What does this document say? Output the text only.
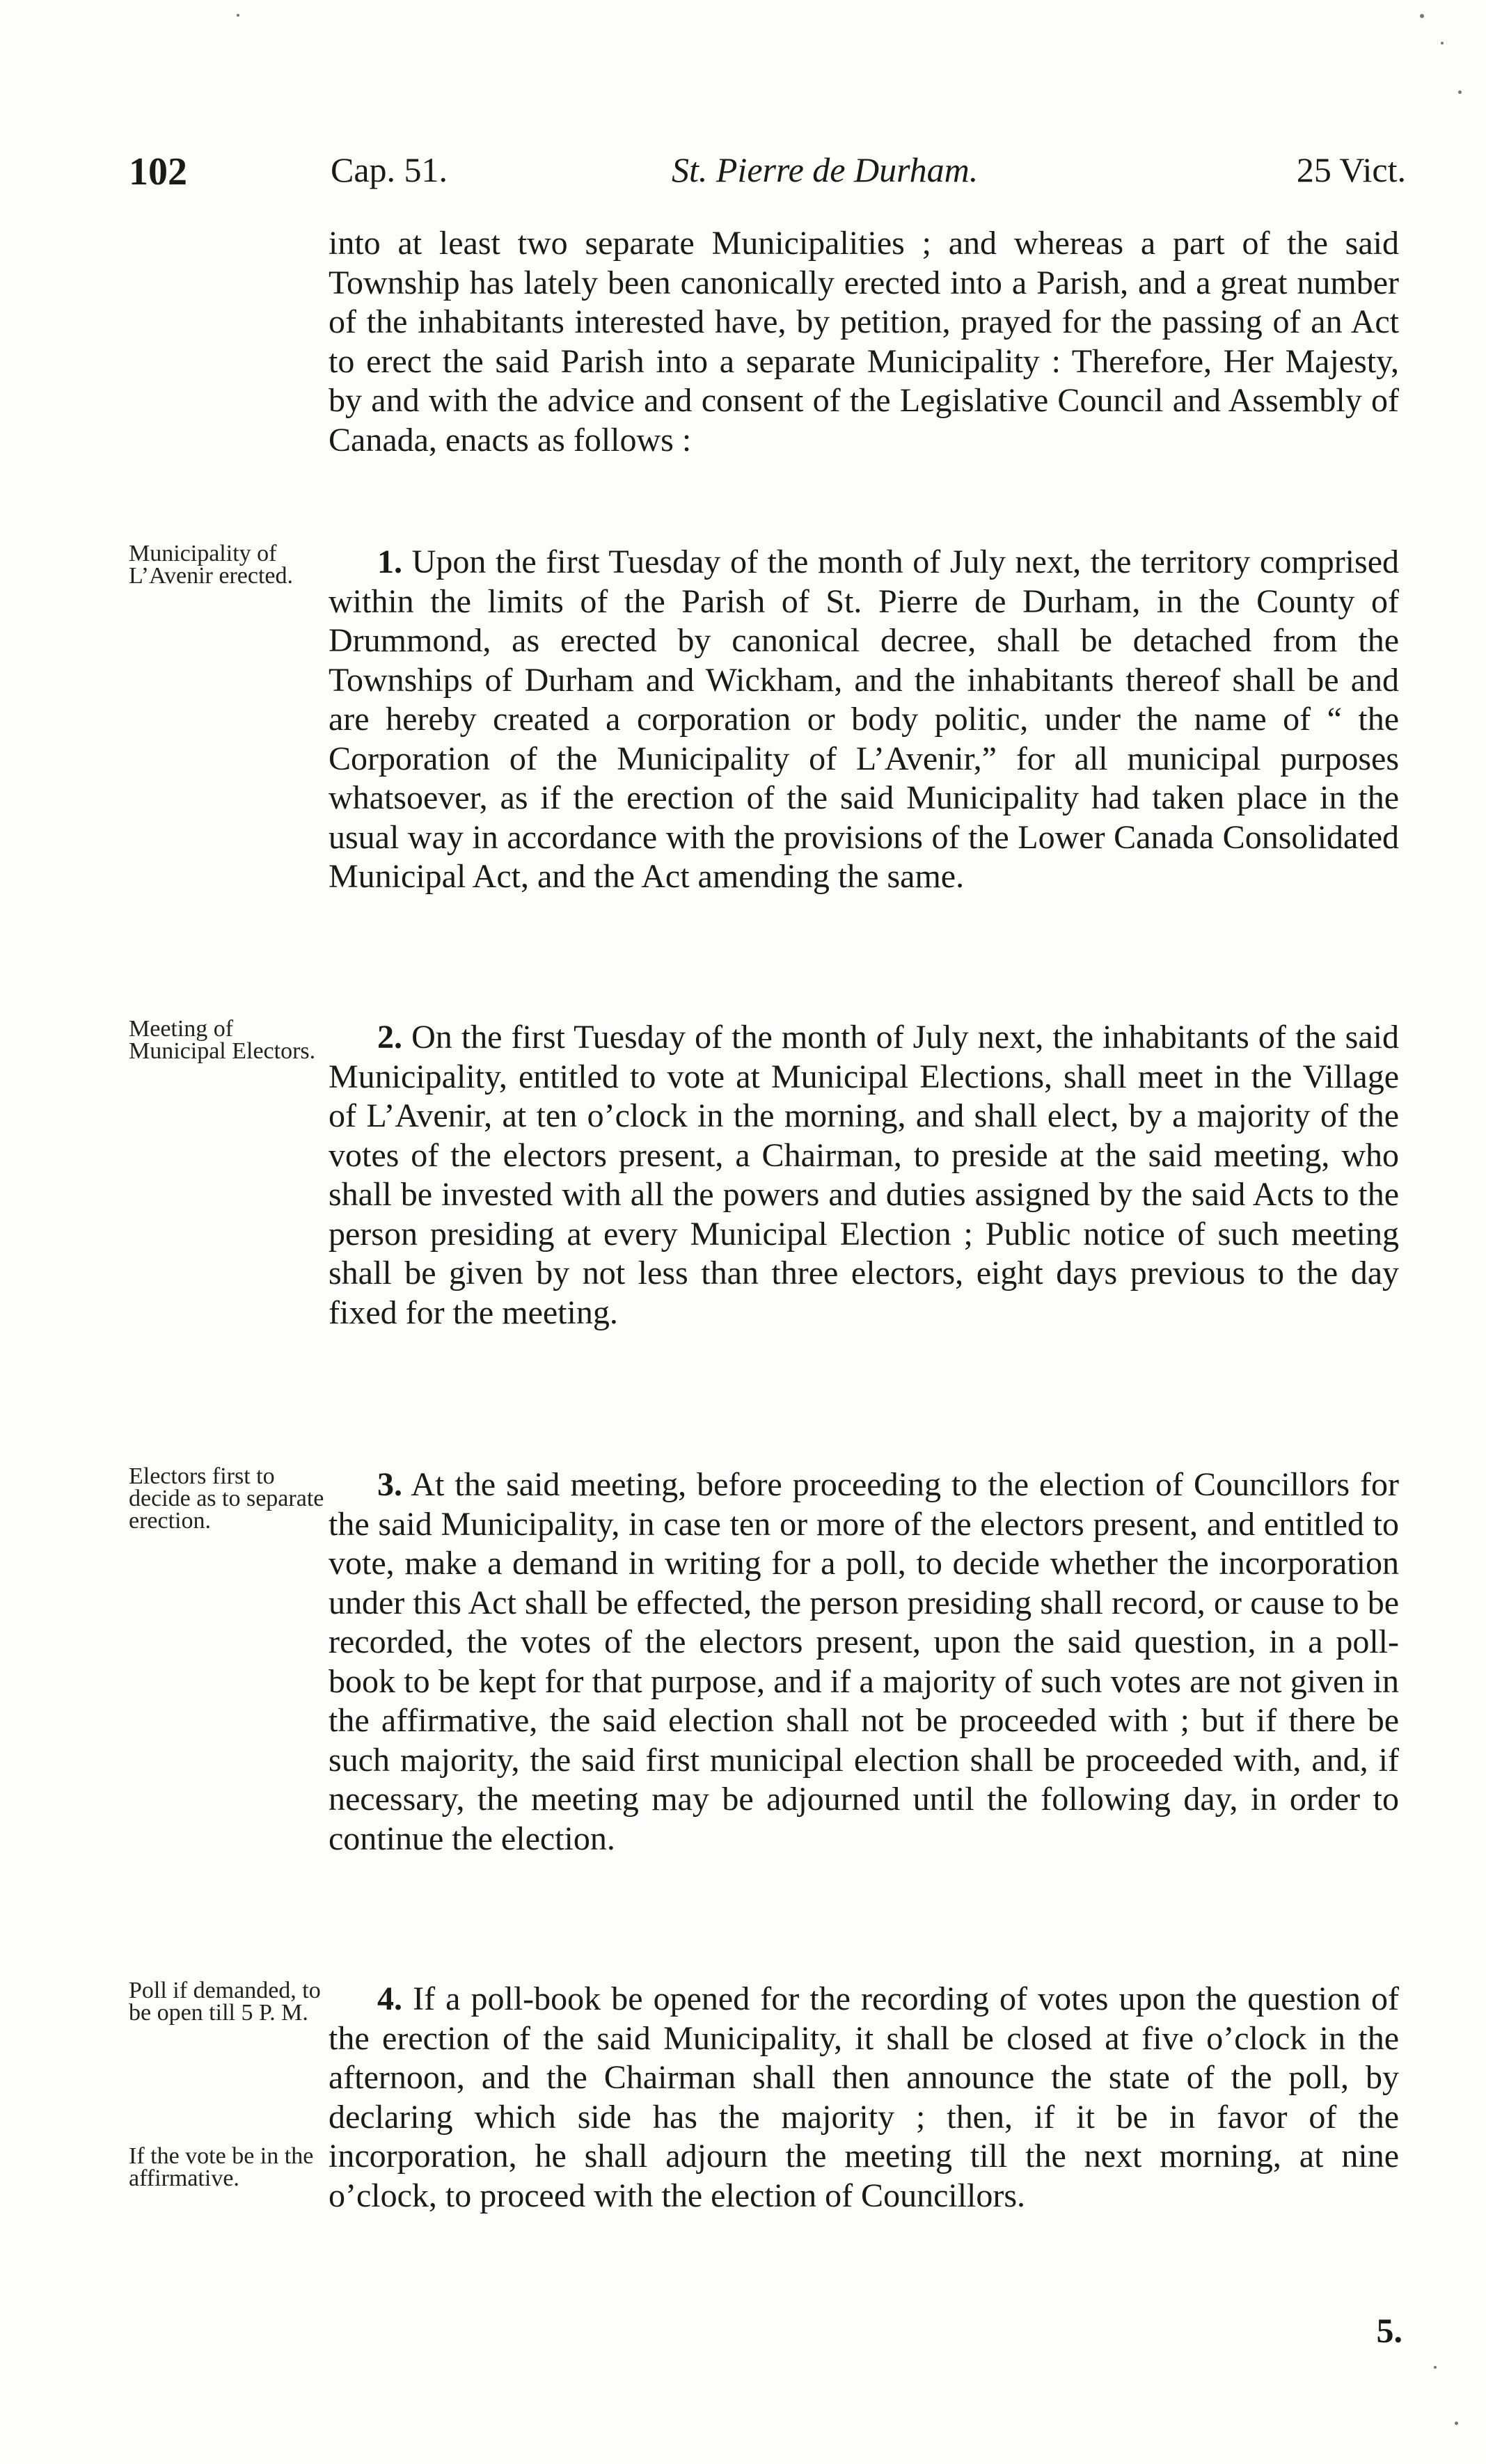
102	Cap. 51.	St. Pierre de Durham.	25 Vict.

into at least two separate Municipalities ; and whereas a part of the said Township has lately been canonically erected into a Parish, and a great number of the inhabitants interested have, by petition, prayed for the passing of an Act to erect the said Parish into a separate Municipality : Therefore, Her Majesty, by and with the advice and consent of the Legislative Council and Assembly of Canada, enacts as follows :

Municipality of L’Avenir erected.	1. Upon the first Tuesday of the month of July next, the territory comprised within the limits of the Parish of St. Pierre de Durham, in the County of Drummond, as erected by canonical decree, shall be detached from the Townships of Durham and Wickham, and the inhabitants thereof shall be and are hereby created a corporation or body politic, under the name of “ the Corporation of the Municipality of L’Avenir,” for all municipal purposes whatsoever, as if the erection of the said Municipality had taken place in the usual way in accordance with the provisions of the Lower Canada Consolidated Municipal Act, and the Act amending the same.

Meeting of Municipal Electors.	2. On the first Tuesday of the month of July next, the inhabitants of the said Municipality, entitled to vote at Municipal Elections, shall meet in the Village of L’Avenir, at ten o’clock in the morning, and shall elect, by a majority of the votes of the electors present, a Chairman, to preside at the said meeting, who shall be invested with all the powers and duties assigned by the said Acts to the person presiding at every Municipal Election ; Public notice of such meeting shall be given by not less than three electors, eight days previous to the day fixed for the meeting.

Electors first to decide as to separate erection.

3. At the said meeting, before proceeding to the election of Councillors for the said Municipality, in case ten or more of the electors present, and entitled to vote, make a demand in writing for a poll, to decide whether the incorporation under this Act shall be effected, the person presiding shall record, or cause to be recorded, the votes of the electors present, upon the said question, in a poll-book to be kept for that purpose, and if a majority of such votes are not given in the affirmative, the said election shall not be proceeded with ; but if there be such majority, the said first municipal election shall be proceeded with, and, if necessary, the meeting may be adjourned until the following day, in order to continue the election.

Poll if demanded, to be open till 5 P. M.
If the vote be in the affirmative.

4. If a poll-book be opened for the recording of votes upon the question of the erection of the said Municipality, it shall be closed at five o’clock in the afternoon, and the Chairman shall then announce the state of the poll, by declaring which side has the majority ; then, if it be in favor of the incorporation, he shall adjourn the meeting till the next morning, at nine o’clock, to proceed with the election of Councillors.

5.
